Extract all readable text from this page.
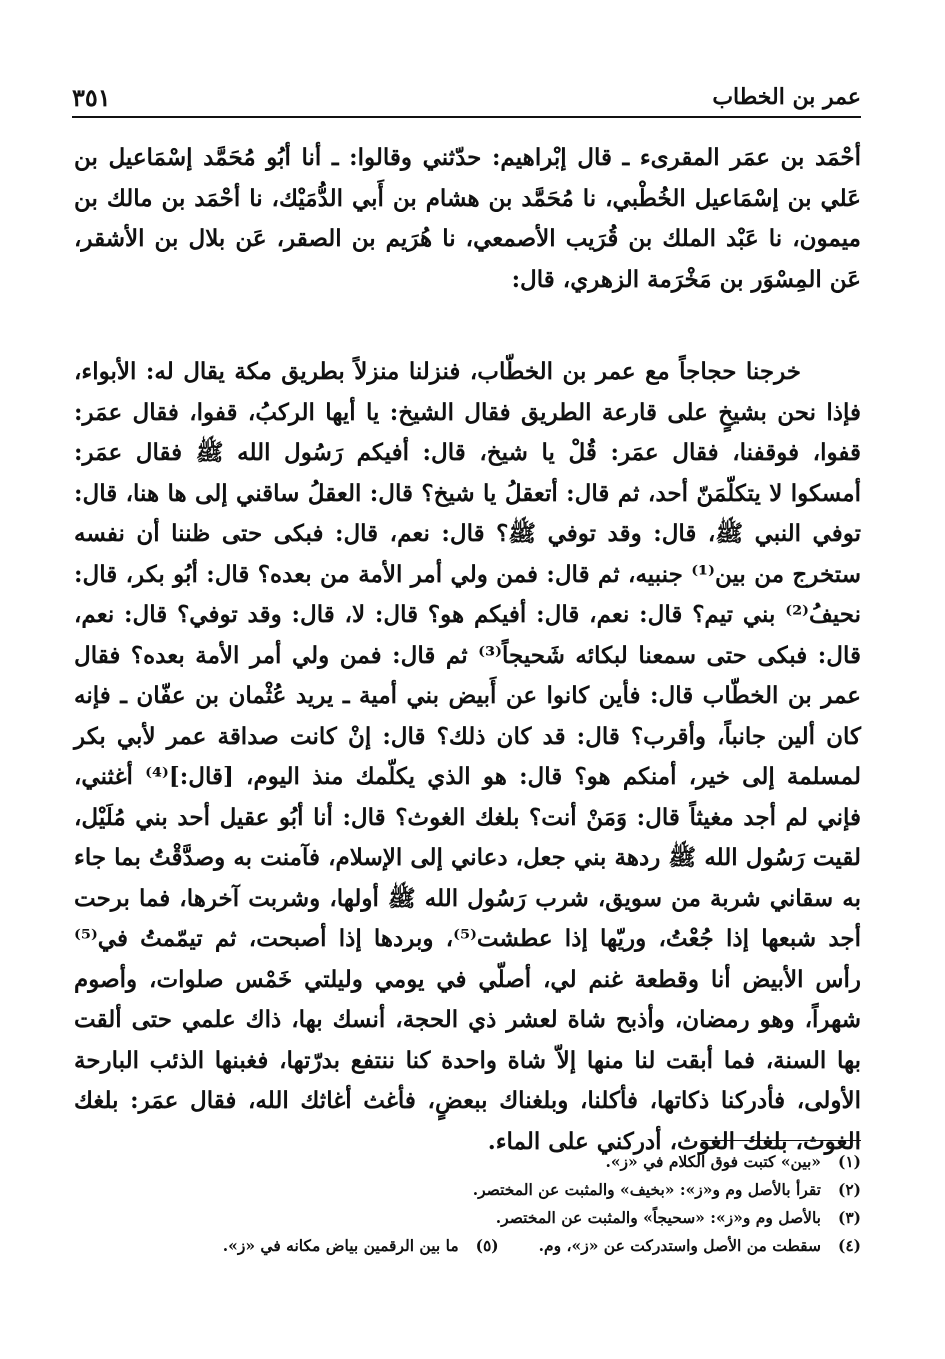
عمر بن الخطاب
٣٥١

أحْمَد بن عمَر المقرىء ـ قال إبْراهيم: حدّثني وقالوا: ـ أنا أبُو مُحَمَّد إسْمَاعيل بن عَلي بن إسْمَاعيل الخُطْبي، نا مُحَمَّد بن هشام بن أَبي الدُّمَيْك، نا أحْمَد بن مالك بن ميمون، نا عَبْد الملك بن قُرَيب الأصمعي، نا هُرَيم بن الصقر، عَن بلال بن الأشقر، عَن المِسْوَر بن مَخْرَمة الزهري، قال:

خرجنا حجاجاً مع عمر بن الخطّاب، فنزلنا منزلاً بطريق مكة يقال له: الأبواء، فإذا نحن بشيخٍ على قارعة الطريق فقال الشيخ: يا أيها الركبُ، قفوا، فقال عمَر: قفوا، فوقفنا، فقال عمَر: قُلْ يا شيخ، قال: أفيكم رَسُول الله ﷺ فقال عمَر: أمسكوا لا يتكلّمَنّ أحد، ثم قال: أتعقلُ يا شيخ؟ قال: العقلُ ساقني إلى ها هنا، قال: توفي النبي ﷺ، قال: وقد توفي ﷺ؟ قال: نعم، قال: فبكى حتى ظننا أن نفسه ستخرج من بين⁽¹⁾ جنبيه، ثم قال: فمن ولي أمر الأمة من بعده؟ قال: أبُو بكر، قال: نحيفُ⁽²⁾ بني تيم؟ قال: نعم، قال: أفيكم هو؟ قال: لا، قال: وقد توفي؟ قال: نعم، قال: فبكى حتى سمعنا لبكائه شَحيجاً⁽³⁾ ثم قال: فمن ولي أمر الأمة بعده؟ فقال عمر بن الخطّاب قال: فأين كانوا عن أَبيض بني أمية ـ يريد عُثْمان بن عفّان ـ فإنه كان ألين جانباً، وأقرب؟ قال: قد كان ذلك؟ قال: إنْ كانت صداقة عمر لأبي بكر لمسلمة إلى خير، أمنكم هو؟ قال: هو الذي يكلّمك منذ اليوم، [قال:]⁽⁴⁾ أغثني، فإني لم أجد مغيثاً قال: وَمَنْ أنت؟ بلغك الغوث؟ قال: أنا أبُو عقيل أحد بني مُلَيْل، لقيت رَسُول الله ﷺ ردهة بني جعل، دعاني إلى الإسلام، فآمنت به وصدَّقْتُ بما جاء به سقاني شربة من سويق، شرب رَسُول الله ﷺ أولها، وشربت آخرها، فما برحت أجد شبعها إذا جُعْتُ، وريّها إذا عطشت⁽⁵⁾، وبردها إذا أصبحت، ثم تيمّمتُ في⁽⁵⁾ رأس الأبيض أنا وقطعة غنم لي، أصلّي في يومي وليلتي خَمْس صلوات، وأصوم شهراً، وهو رمضان، وأذبح شاة لعشر ذي الحجة، أنسك بها، ذاك علمي حتى ألقت بها السنة، فما أبقت لنا منها إلاّ شاة واحدة كنا ننتفع بدرّتها، فغبنها الذئب البارحة الأولى، فأدركنا ذكاتها، فأكلنا، وبلغناك ببعضٍ، فأغث أغاثك الله، فقال عمَر: بلغك الغوث، بلغك الغوث، أدركني على الماء.

(١)
«بين» كتبت فوق الكلام في «ز».
(٢)
تقرأ بالأصل وم و«ز»: «بخيف» والمثبت عن المختصر.
(٣)
بالأصل وم و«ز»: «سحيجاً» والمثبت عن المختصر.
(٤)
سقطت من الأصل واستدركت عن «ز»، وم.
(٥)
ما بين الرقمين بياض مكانه في «ز».
